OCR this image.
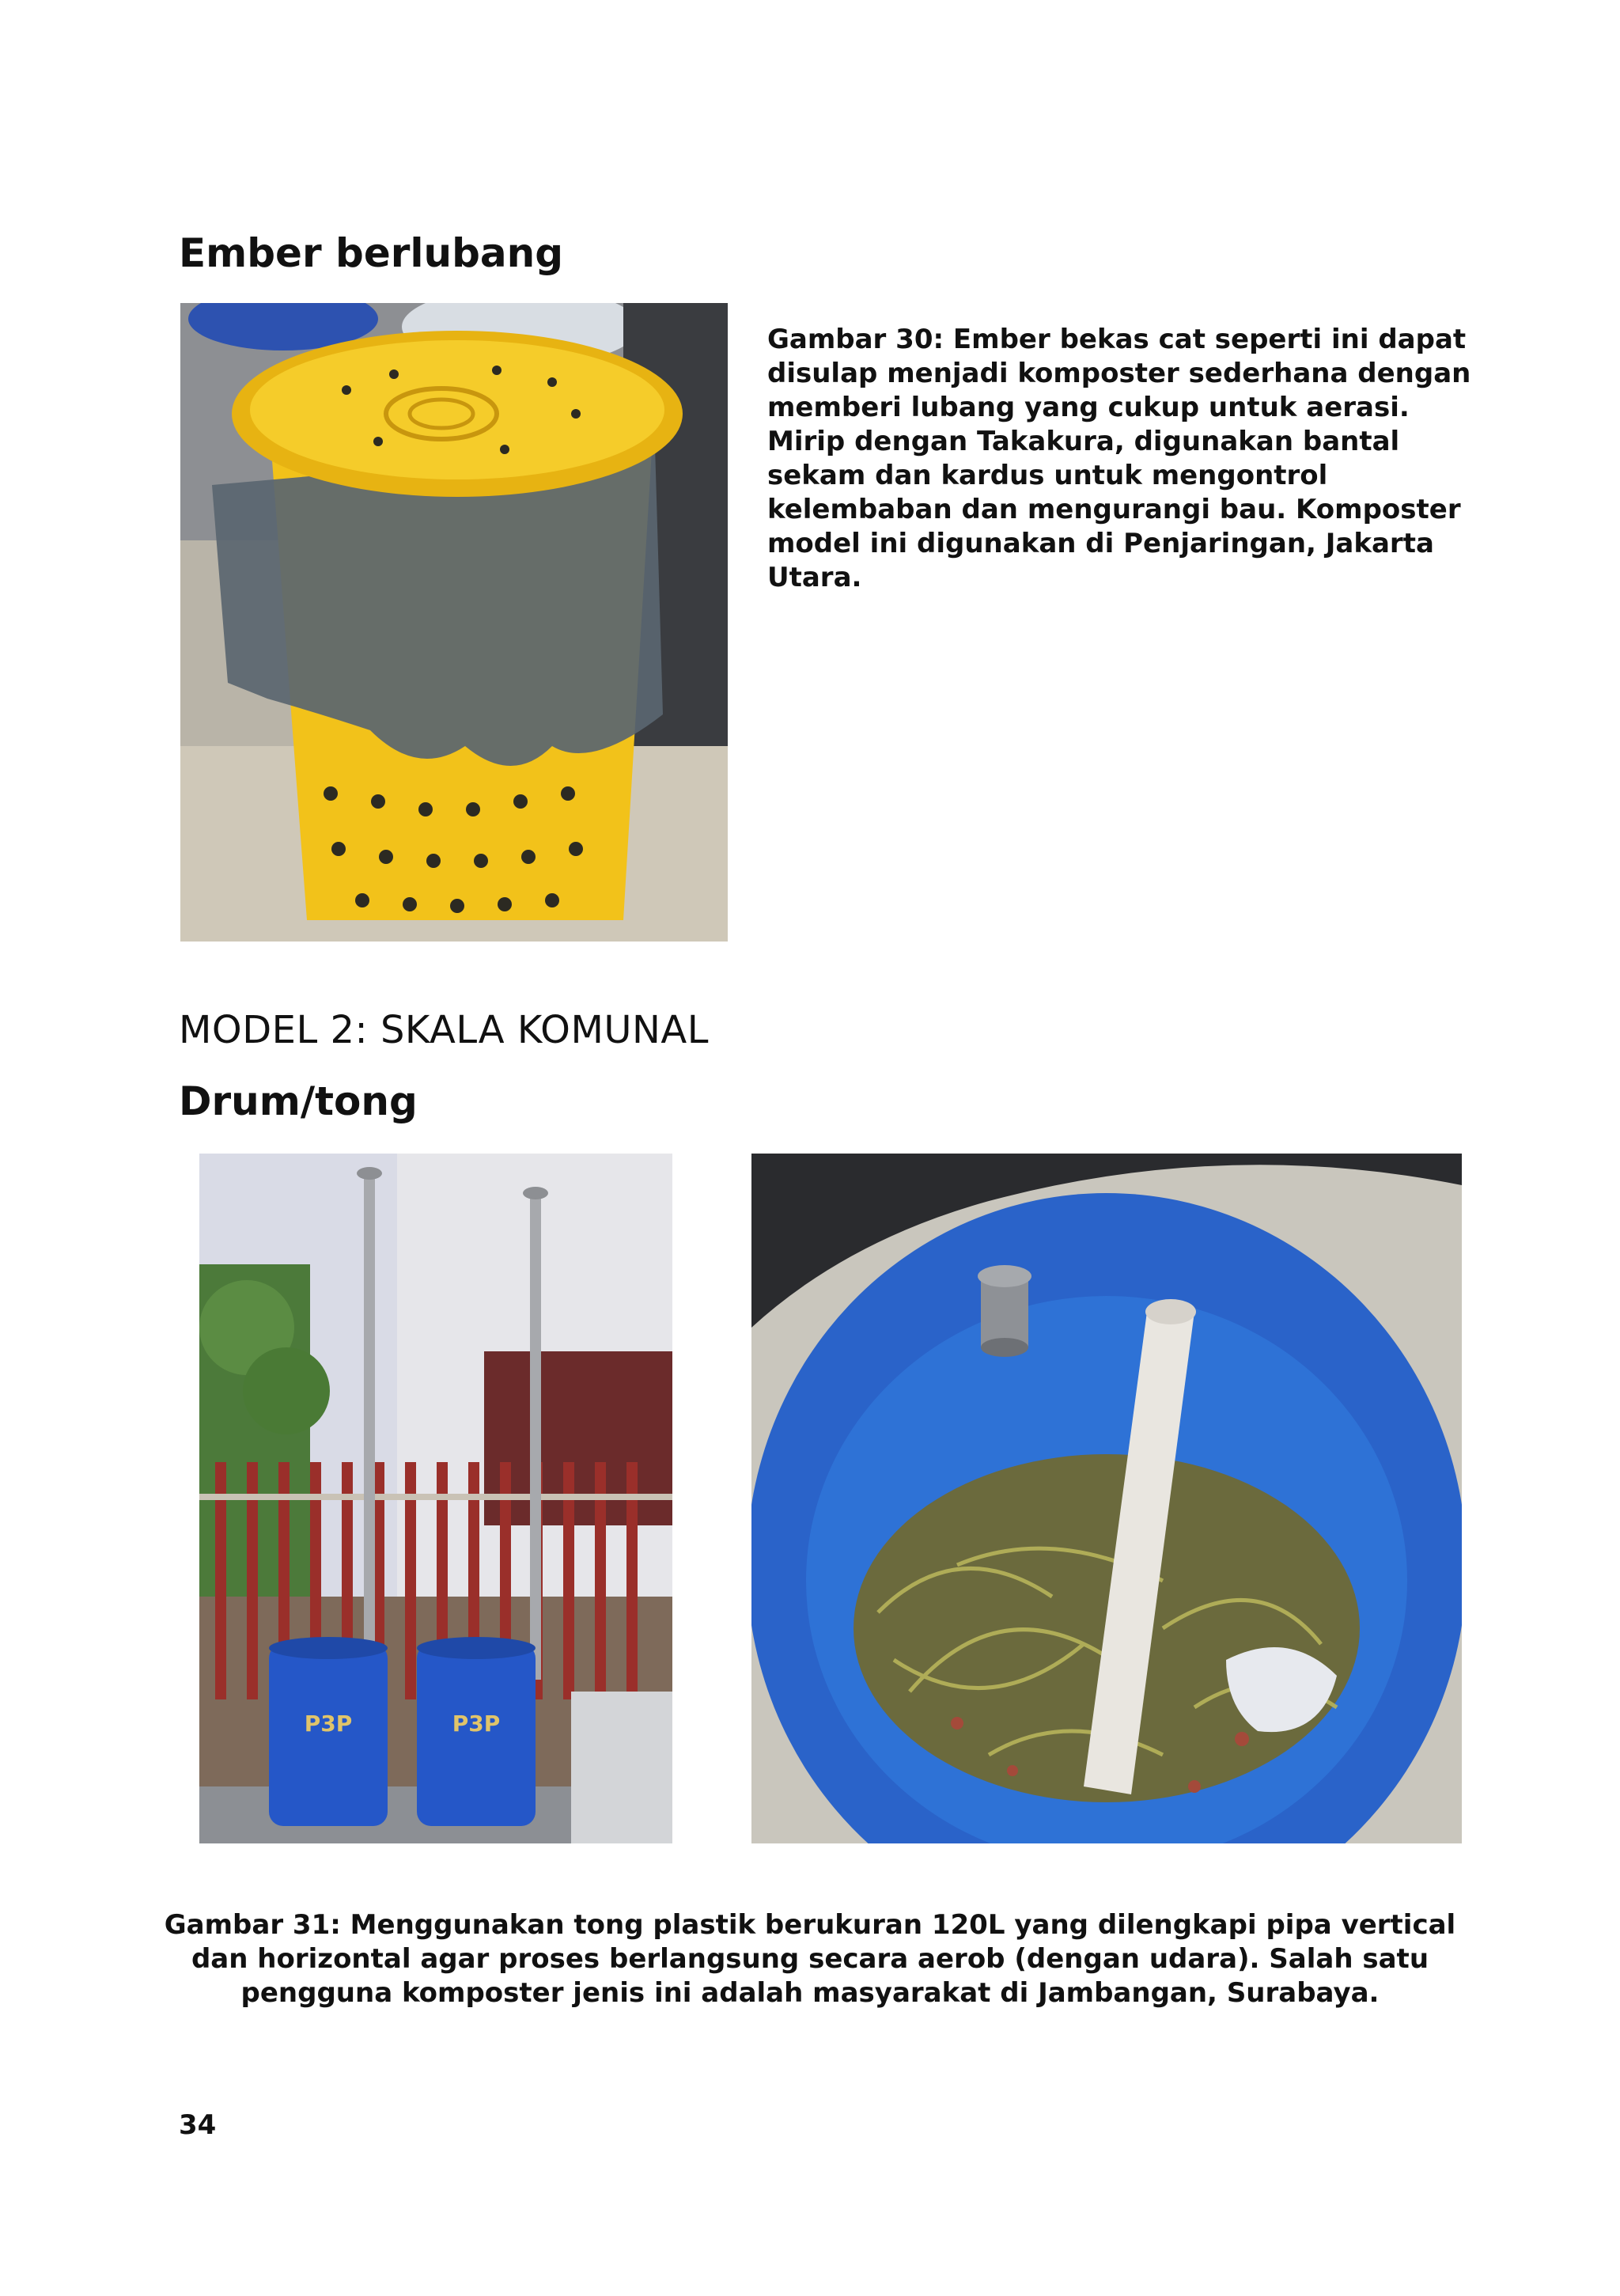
Ember berlubang

Gambar 30: Ember bekas cat seperti ini dapat disulap menjadi komposter sederhana dengan memberi lubang yang cukup untuk aerasi. Mirip dengan Takakura, digunakan bantal sekam dan kardus untuk mengontrol kelembaban dan mengurangi bau. Komposter model ini digunakan di Penjaringan, Jakarta Utara.

MODEL 2: SKALA KOMUNAL
Drum/tong
P3P	P3P

Gambar 31: Menggunakan tong plastik berukuran 120L yang dilengkapi pipa vertical dan horizontal agar proses berlangsung secara aerob (dengan udara). Salah satu pengguna komposter jenis ini adalah masyarakat di Jambangan, Surabaya.

34
